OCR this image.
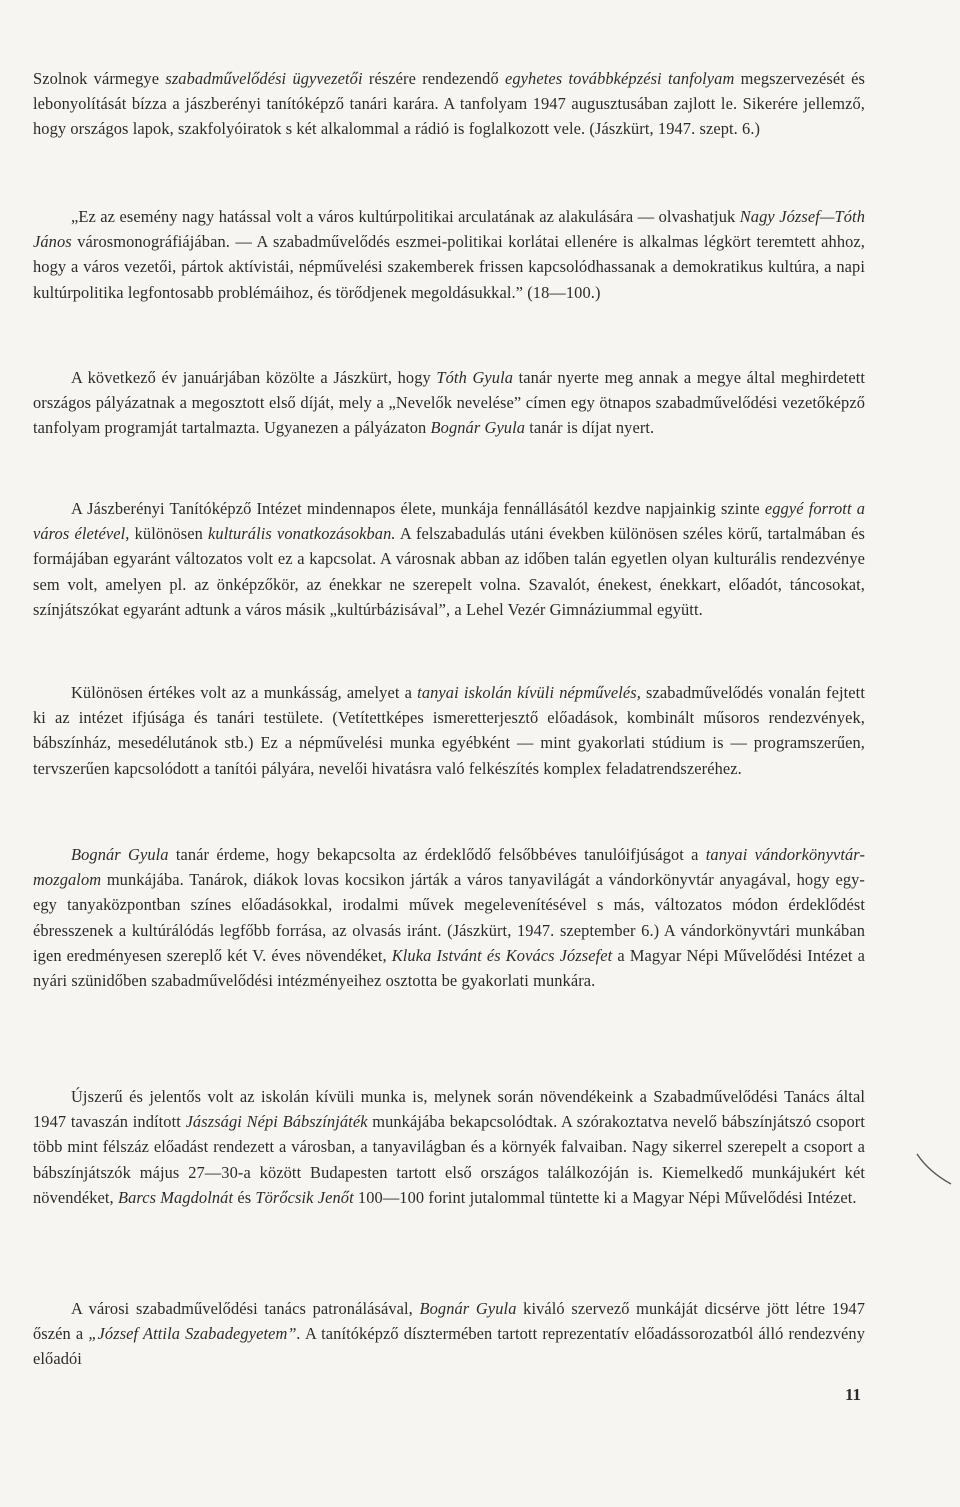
Szolnok vármegye szabadművelődési ügyvezetői részére rendezendő egyhetes továbbképzési tanfolyam megszervezését és lebonyolítását bízza a jászberényi tanítóképző tanári karára. A tanfolyam 1947 augusztusában zajlott le. Sikerére jellemző, hogy országos lapok, szakfolyóiratok s két alkalommal a rádió is foglalkozott vele. (Jászkürt, 1947. szept. 6.)

„Ez az esemény nagy hatással volt a város kultúrpolitikai arculatának az alakulására — olvashatjuk Nagy József—Tóth János városmonográfiájában. — A szabadművelődés eszmei-politikai korlátai ellenére is alkalmas légkört teremtett ahhoz, hogy a város vezetői, pártok aktívistái, népművelési szakemberek frissen kapcsolódhassanak a demokratikus kultúra, a napi kultúrpolitika legfontosabb problémáihoz, és törődjenek megoldásukkal.” (18—100.)

A következő év januárjában közölte a Jászkürt, hogy Tóth Gyula tanár nyerte meg annak a megye által meghirdetett országos pályázatnak a megosztott első díját, mely a „Nevelők nevelése” címen egy ötnapos szabadművelődési vezetőképző tanfolyam programját tartalmazta. Ugyanezen a pályázaton Bognár Gyula tanár is díjat nyert.

A Jászberényi Tanítóképző Intézet mindennapos élete, munkája fennállásától kezdve napjainkig szinte eggyé forrott a város életével, különösen kulturális vonatkozásokban. A felszabadulás utáni években különösen széles körű, tartalmában és formájában egyaránt változatos volt ez a kapcsolat. A városnak abban az időben talán egyetlen olyan kulturális rendezvénye sem volt, amelyen pl. az önképzőkör, az énekkar ne szerepelt volna. Szavalót, énekest, énekkart, előadót, táncosokat, színjátszókat egyaránt adtunk a város másik „kultúrbázisával”, a Lehel Vezér Gimnáziummal együtt.

Különösen értékes volt az a munkásság, amelyet a tanyai iskolán kívüli népművelés, szabadművelődés vonalán fejtett ki az intézet ifjúsága és tanári testülete. (Vetítettképes ismeretterjesztő előadások, kombinált műsoros rendezvények, bábszínház, mesedélutánok stb.) Ez a népművelési munka egyébként — mint gyakorlati stúdium is — programszerűen, tervszerűen kapcsolódott a tanítói pályára, nevelői hivatásra való felkészítés komplex feladatrendszeréhez.

Bognár Gyula tanár érdeme, hogy bekapcsolta az érdeklődő felsőbbéves tanulóifjúságot a tanyai vándorkönyvtár-mozgalom munkájába. Tanárok, diákok lovas kocsikon járták a város tanyavilágát a vándorkönyvtár anyagával, hogy egy-egy tanyaközpontban színes előadásokkal, irodalmi művek megelevenítésével s más, változatos módon érdeklődést ébresszenek a kultúrálódás legfőbb forrása, az olvasás iránt. (Jászkürt, 1947. szeptember 6.) A vándorkönyvtári munkában igen eredményesen szereplő két V. éves növendéket, Kluka Istvánt és Kovács Józsefet a Magyar Népi Művelődési Intézet a nyári szünidőben szabadművelődési intézményeihez osztotta be gyakorlati munkára.

Újszerű és jelentős volt az iskolán kívüli munka is, melynek során növendékeink a Szabadművelődési Tanács által 1947 tavaszán indított Jászsági Népi Bábszínjáték munkájába bekapcsolódtak. A szórakoztatva nevelő bábszínjátszó csoport több mint félszáz előadást rendezett a városban, a tanyavilágban és a környék falvaiban. Nagy sikerrel szerepelt a csoport a bábszínjátszók május 27—30-a között Budapesten tartott első országos találkozóján is. Kiemelkedő munkájukért két növendéket, Barcs Magdolnát és Törőcsik Jenőt 100—100 forint jutalommal tüntette ki a Magyar Népi Művelődési Intézet.

A városi szabadművelődési tanács patronálásával, Bognár Gyula kiváló szervező munkáját dicsérve jött létre 1947 őszén a „József Attila Szabadegyetem”. A tanítóképző dísztermében tartott reprezentatív előadássorozatból álló rendezvény előadói

11
